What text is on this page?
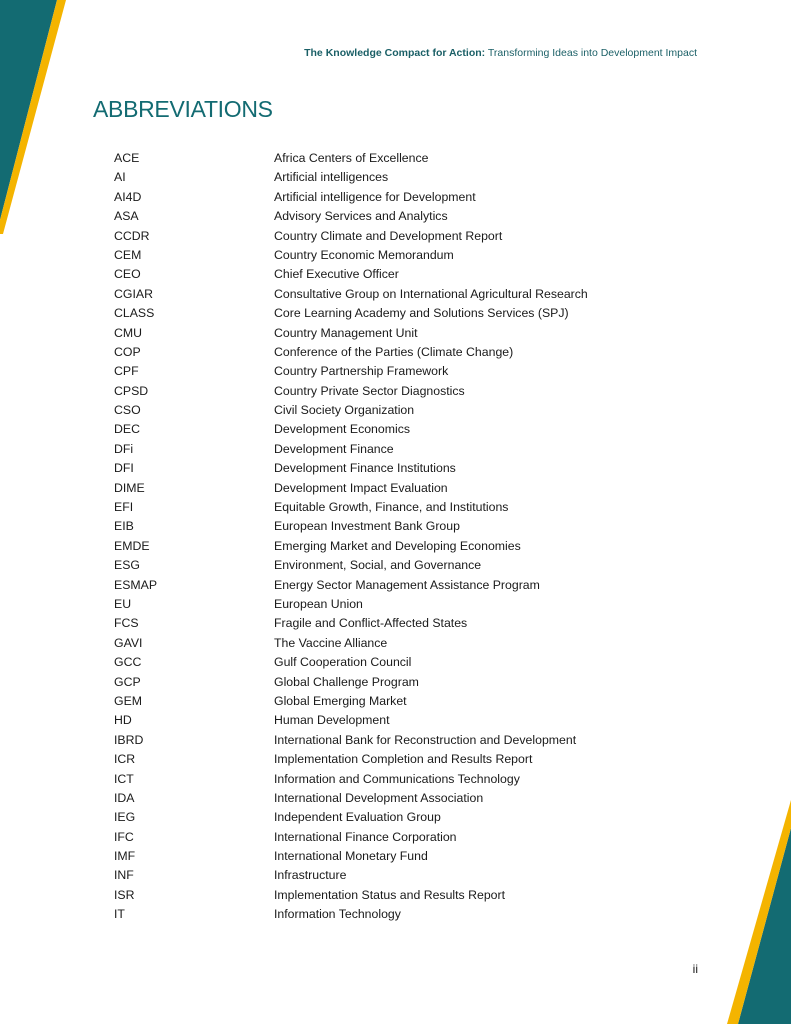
The Knowledge Compact for Action: Transforming Ideas into Development Impact
ABBREVIATIONS
ACE	Africa Centers of Excellence
AI	Artificial intelligences
AI4D	Artificial intelligence for Development
ASA	Advisory Services and Analytics
CCDR	Country Climate and Development Report
CEM	Country Economic Memorandum
CEO	Chief Executive Officer
CGIAR	Consultative Group on International Agricultural Research
CLASS	Core Learning Academy and Solutions Services (SPJ)
CMU	Country Management Unit
COP	Conference of the Parties (Climate Change)
CPF	Country Partnership Framework
CPSD	Country Private Sector Diagnostics
CSO	Civil Society Organization
DEC	Development Economics
DFi	Development Finance
DFI	Development Finance Institutions
DIME	Development Impact Evaluation
EFI	Equitable Growth, Finance, and Institutions
EIB	European Investment Bank Group
EMDE	Emerging Market and Developing Economies
ESG	Environment, Social, and Governance
ESMAP	Energy Sector Management Assistance Program
EU	European Union
FCS	Fragile and Conflict-Affected States
GAVI	The Vaccine Alliance
GCC	Gulf Cooperation Council
GCP	Global Challenge Program
GEM	Global Emerging Market
HD	Human Development
IBRD	International Bank for Reconstruction and Development
ICR	Implementation Completion and Results Report
ICT	Information and Communications Technology
IDA	International Development Association
IEG	Independent Evaluation Group
IFC	International Finance Corporation
IMF	International Monetary Fund
INF	Infrastructure
ISR	Implementation Status and Results Report
IT	Information Technology
ii
